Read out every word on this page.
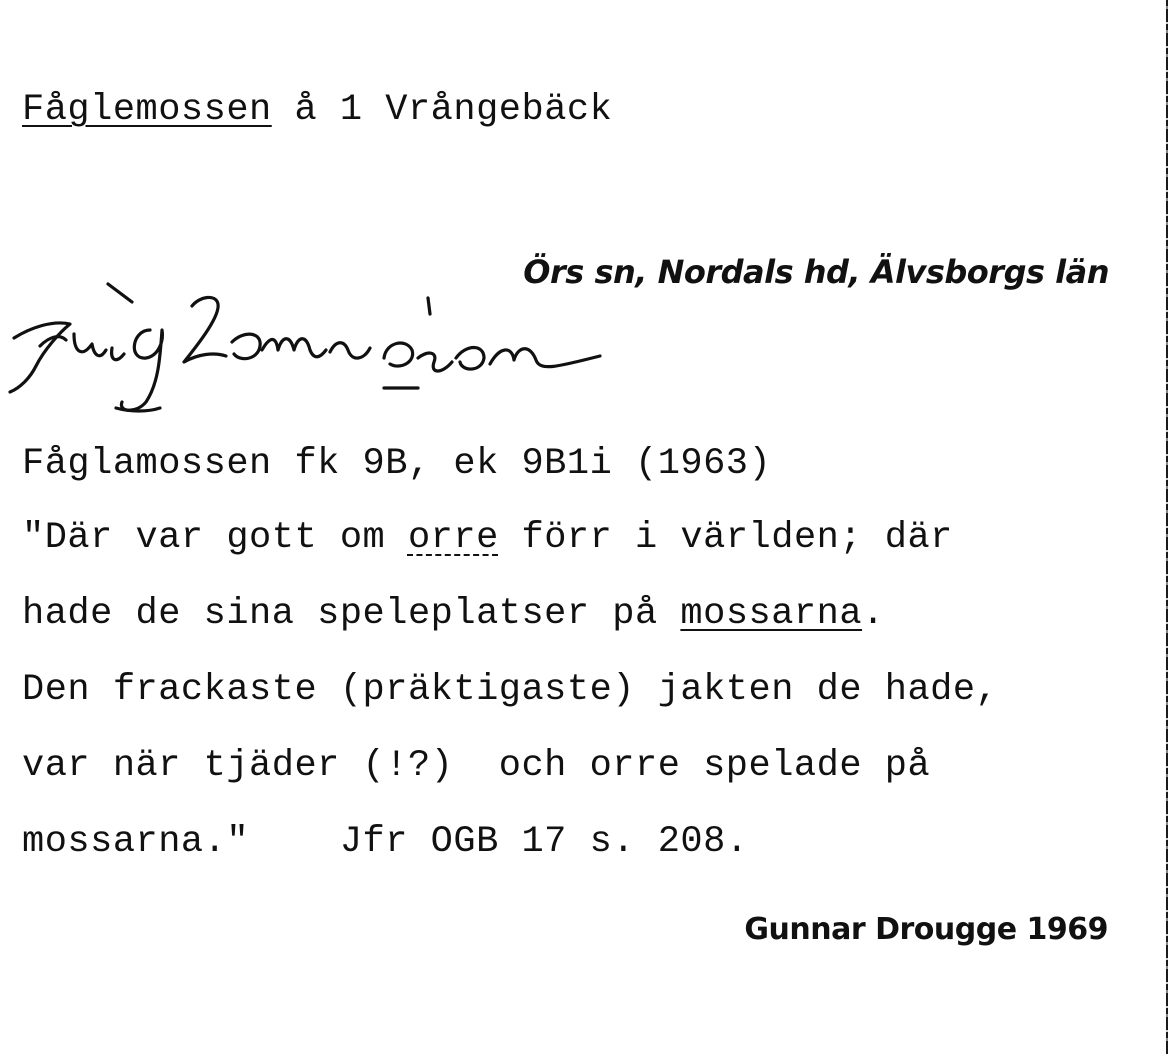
Fåglemossen å 1 Vrångebäck
Örs sn, Nordals hd, Älvsborgs län
Fåglamossen fk 9B, ek 9B1i (1963)
"Där var gott om orre förr i världen; där
hade de sina speleplatser på mossarna.
Den frackaste (präktigaste) jakten de hade,
var när tjäder (!?)  och orre spelade på
mossarna."    Jfr OGB 17 s. 208.
Gunnar Drougge 1969
